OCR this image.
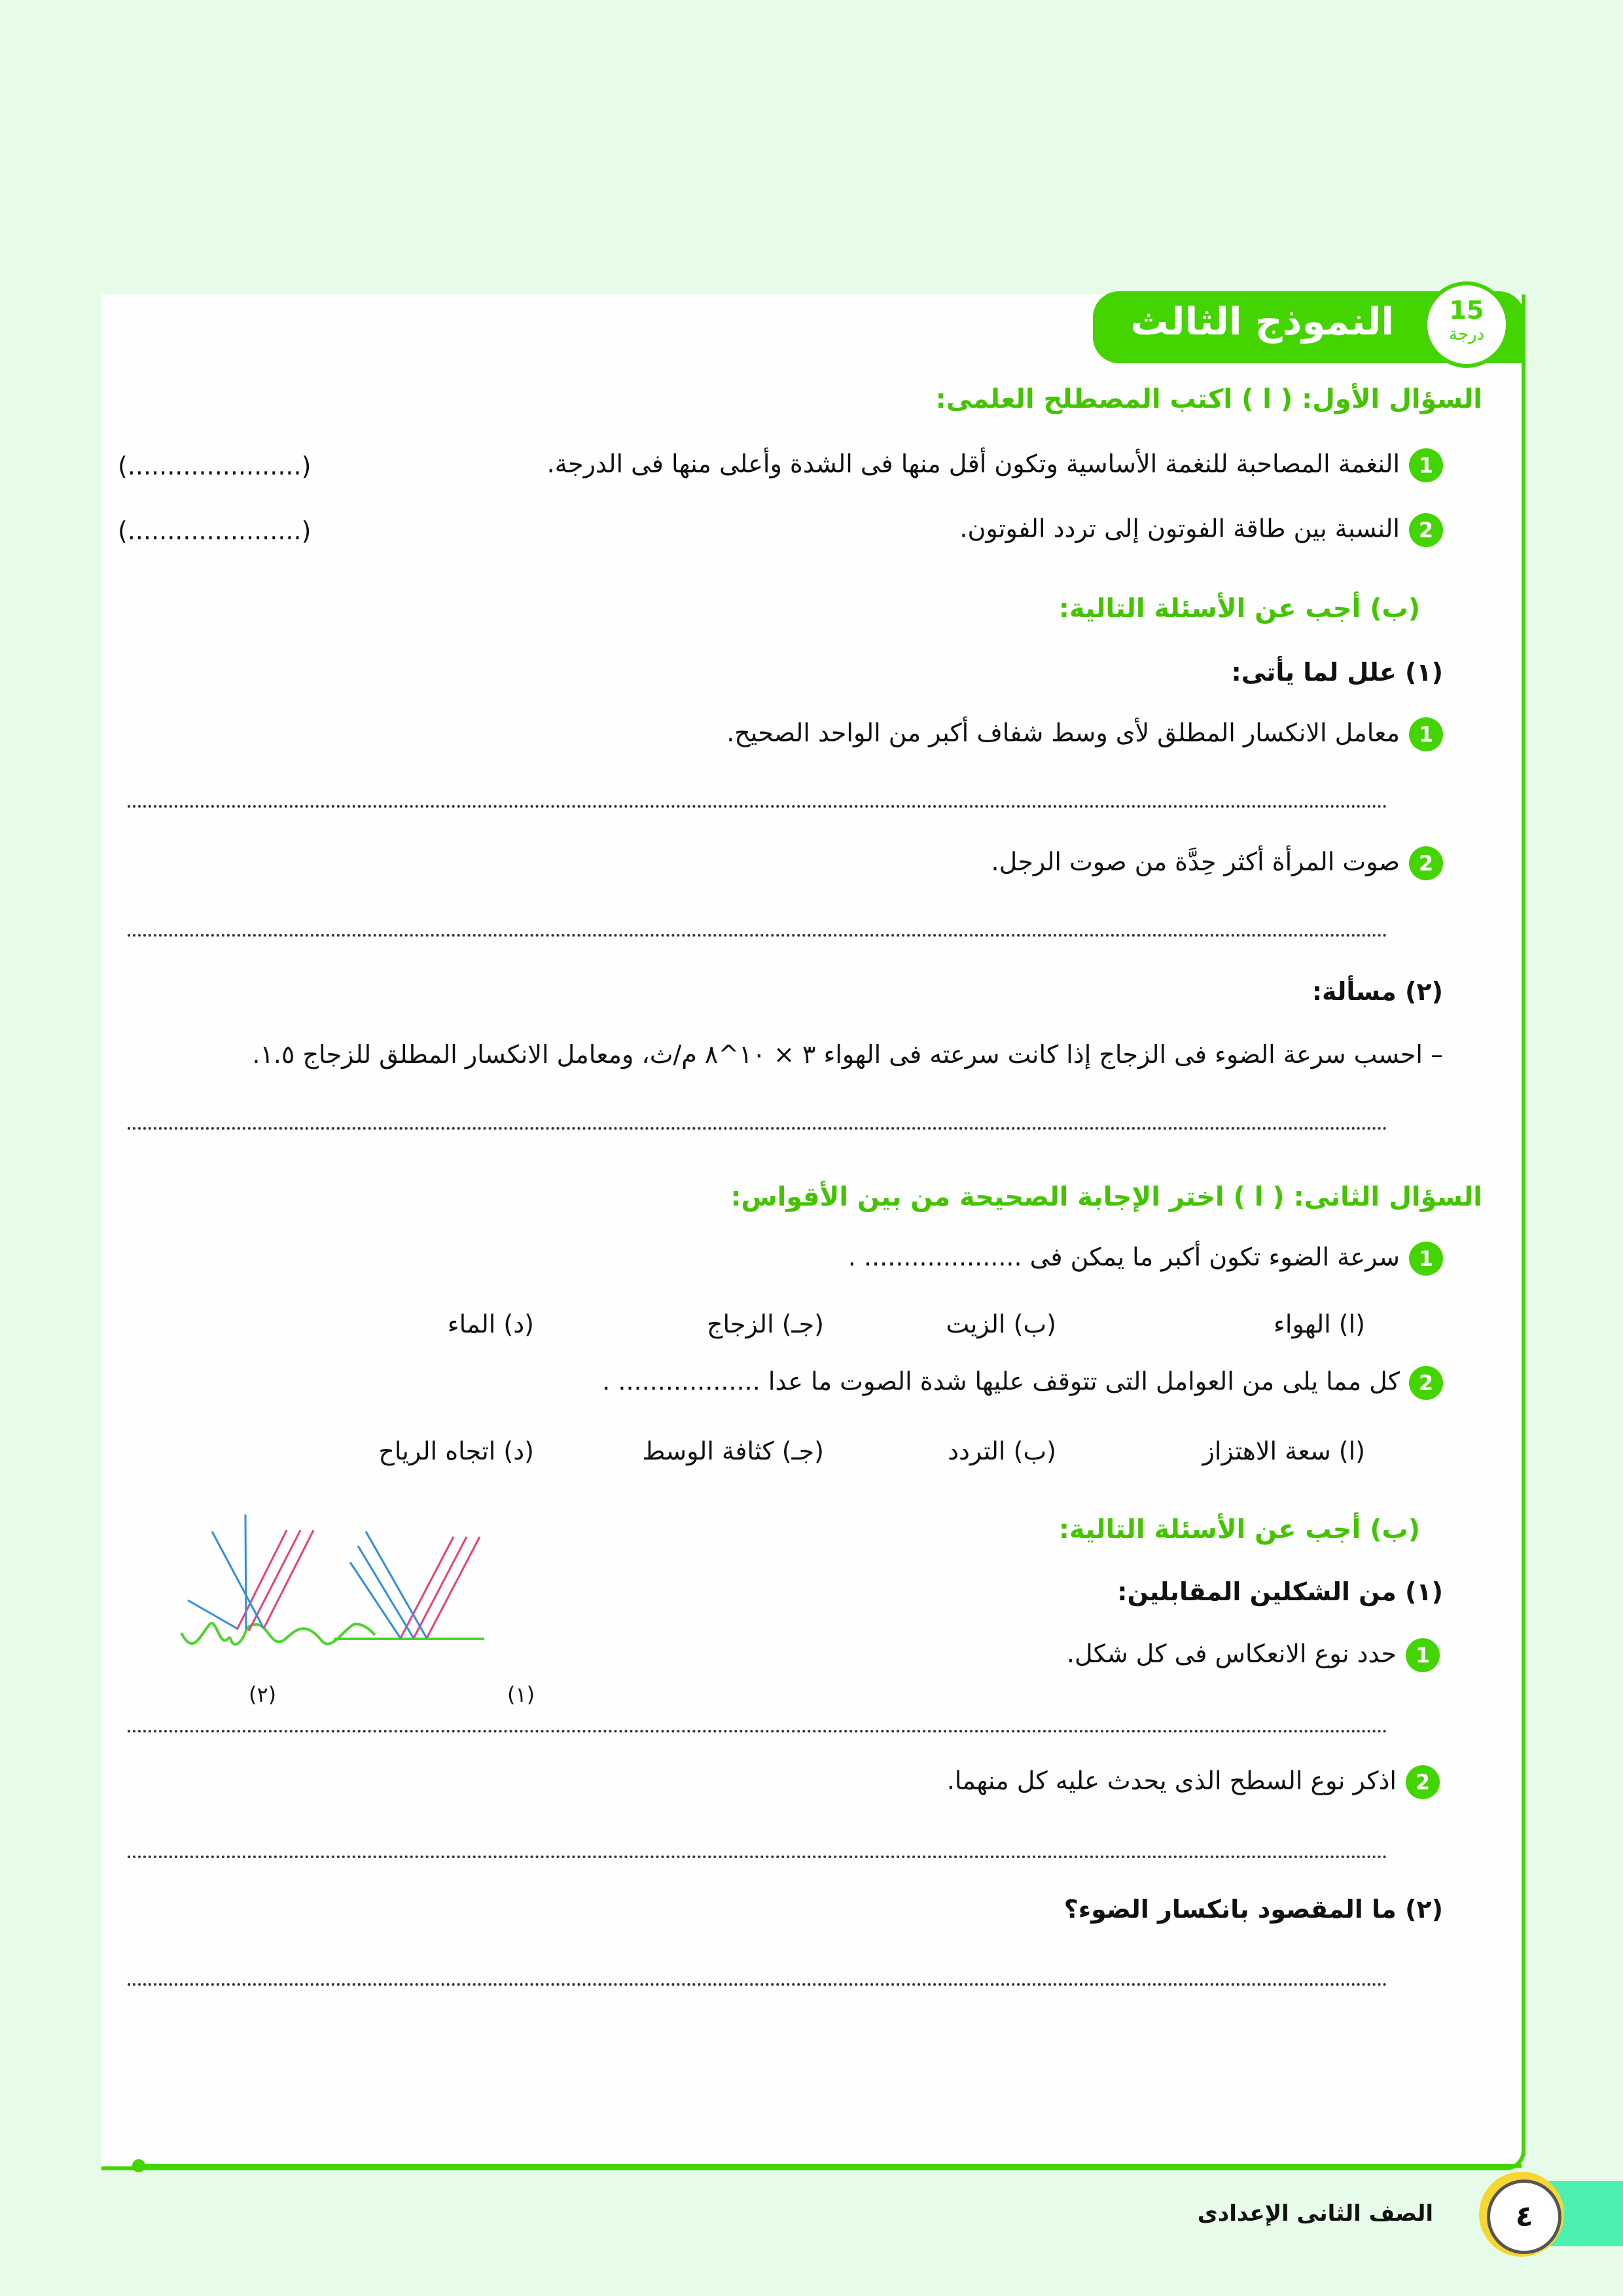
النموذج الثالث	15
درجة
السؤال الأول: ( ا ) اكتب المصطلح العلمى:
1النغمة المصاحبة للنغمة الأساسية وتكون أقل منها فى الشدة وأعلى منها فى الدرجة.
(......................)
2النسبة بين طاقة الفوتون إلى تردد الفوتون.
(......................)
(ب) أجب عن الأسئلة التالية:
(١) علل لما يأتى:
1معامل الانكسار المطلق لأى وسط شفاف أكبر من الواحد الصحيح.
2صوت المرأة أكثر حِدَّة من صوت الرجل.
(٢) مسألة:
– احسب سرعة الضوء فى الزجاج إذا كانت سرعته فى الهواء ٣ × ١٠^٨ م/ث، ومعامل الانكسار المطلق للزجاج ١.٥.
السؤال الثانى: ( ا ) اختر الإجابة الصحيحة من بين الأقواس:
1سرعة الضوء تكون أكبر ما يمكن فى .................... .
(ا) الهواء
(ب) الزيت
(جـ) الزجاج
(د) الماء
2كل مما يلى من العوامل التى تتوقف عليها شدة الصوت ما عدا .................. .
(ا) سعة الاهتزاز
(ب) التردد
(جـ) كثافة الوسط
(د) اتجاه الرياح
(ب) أجب عن الأسئلة التالية:
(١) من الشكلين المقابلين:
1حدد نوع الانعكاس فى كل شكل.
2اذكر نوع السطح الذى يحدث عليه كل منهما.
(٢) ما المقصود بانكسار الضوء؟
(٢)	(١)
٤
الصف الثانى الإعدادى
